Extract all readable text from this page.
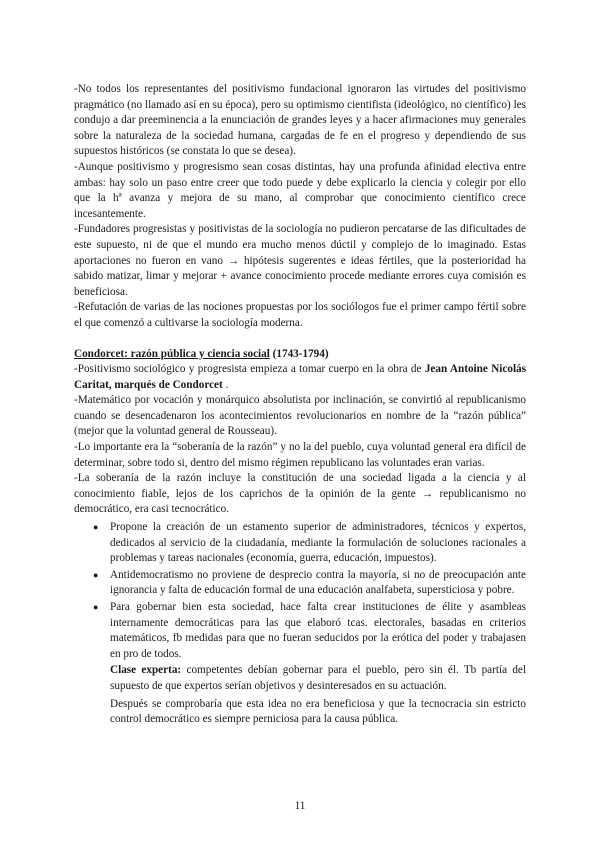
-No todos los representantes del positivismo fundacional ignoraron las virtudes del positivismo pragmático (no llamado así en su época), pero su optimismo cientifista (ideológico, no científico) les condujo a dar preeminencia a la enunciación de grandes leyes y a hacer afirmaciones muy generales sobre la naturaleza de la sociedad humana, cargadas de fe en el progreso y dependiendo de sus supuestos históricos (se constata lo que se desea).

-Aunque positivismo y progresismo sean cosas distintas, hay una profunda afinidad electiva entre ambas: hay solo un paso entre creer que todo puede y debe explicarlo la ciencia y colegir por ello que la hª avanza y mejora de su mano, al comprobar que conocimiento científico crece incesantemente.

-Fundadores progresistas y positivistas de la sociología no pudieron percatarse de las dificultades de este supuesto, ni de que el mundo era mucho menos dúctil y complejo de lo imaginado. Estas aportaciones no fueron en vano → hipótesis sugerentes e ideas fértiles, que la posterioridad ha sabido matizar, limar y mejorar + avance conocimiento procede mediante errores cuya comisión es beneficiosa.

-Refutación de varias de las nociones propuestas por los sociólogos fue el primer campo fértil sobre el que comenzó a cultivarse la sociología moderna.

Condorcet: razón pública y ciencia social (1743-1794)

-Positivismo sociológico y progresista empieza a tomar cuerpo en la obra de Jean Antoine Nicolás Caritat, marqués de Condorcet .

-Matemático por vocación y monárquico absolutista por inclinación, se convirtió al republicanismo cuando se desencadenaron los acontecimientos revolucionarios en nombre de la “razón pública” (mejor que la voluntad general de Rousseau).

-Lo importante era la “soberanía de la razón” y no la del pueblo, cuya voluntad general era difícil de determinar, sobre todo si, dentro del mismo régimen republicano las voluntades eran varias.

-La soberanía de la razón incluye la constitución de una sociedad ligada a la ciencia y al conocimiento fiable, lejos de los caprichos de la opinión de la gente → republicanismo no democrático, era casi tecnocrático.

● Propone la creación de un estamento superior de administradores, técnicos y expertos, dedicados al servicio de la ciudadanía, mediante la formulación de soluciones racionales a problemas y tareas nacionales (economía, guerra, educación, impuestos).
● Antidemocratismo no proviene de desprecio contra la mayoría, si no de preocupación ante ignorancia y falta de educación formal de una educación analfabeta, supersticiosa y pobre.
● Para gobernar bien esta sociedad, hace falta crear instituciones de élite y asambleas internamente democráticas para las que elaboró tcas. electorales, basadas en criterios matemáticos, fb medidas para que no fueran seducidos por la erótica del poder y trabajasen en pro de todos.

Clase experta: competentes debían gobernar para el pueblo, pero sin él. Tb partía del supuesto de que expertos serían objetivos y desinteresados en su actuación.

Después se comprobaría que esta idea no era beneficiosa y que la tecnocracia sin estricto control democrático es siempre perniciosa para la causa pública.

11
